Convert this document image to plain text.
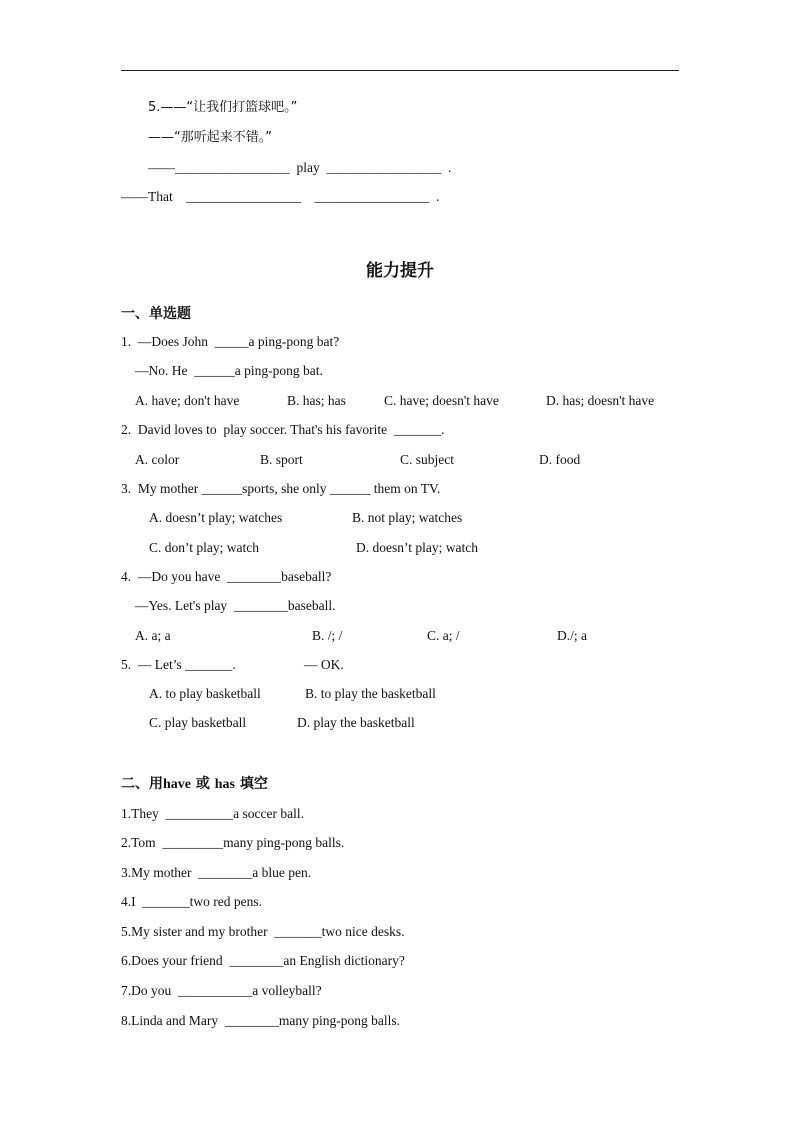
5.——“让我们打篮球吧。”
——“那听起来不错。”
——_________________  play  _________________  .
——That    _________________    _________________  .
能力提升
一、单选题
1.  —Does John  _____a ping-pong bat?
—No. He  ______a ping-pong bat.
A. have; don't have	B. has; has	C. have; doesn't have	D. has; doesn't have
2.  David loves to  play soccer. That's his favorite  _______.
A. color	B. sport	C. subject	D. food
3.  My mother ______sports, she only ______ them on TV.
A. doesn’t play; watches	B. not play; watches
C. don’t play; watch	D. doesn’t play; watch
4.  —Do you have  ________baseball?
—Yes. Let's play  ________baseball.
A. a; a	B. /; /	C. a; /	D./; a
5.  — Let’s _______.	— OK.
A. to play basketball	B. to play the basketball
C. play basketball	D. play the basketball
二、用have 或 has 填空
1.They  __________a soccer ball.
2.Tom  _________many ping-pong balls.
3.My mother  ________a blue pen.
4.I  _______two red pens.
5.My sister and my brother  _______two nice desks.
6.Does your friend  ________an English dictionary?
7.Do you  ___________a volleyball?
8.Linda and Mary  ________many ping-pong balls.
